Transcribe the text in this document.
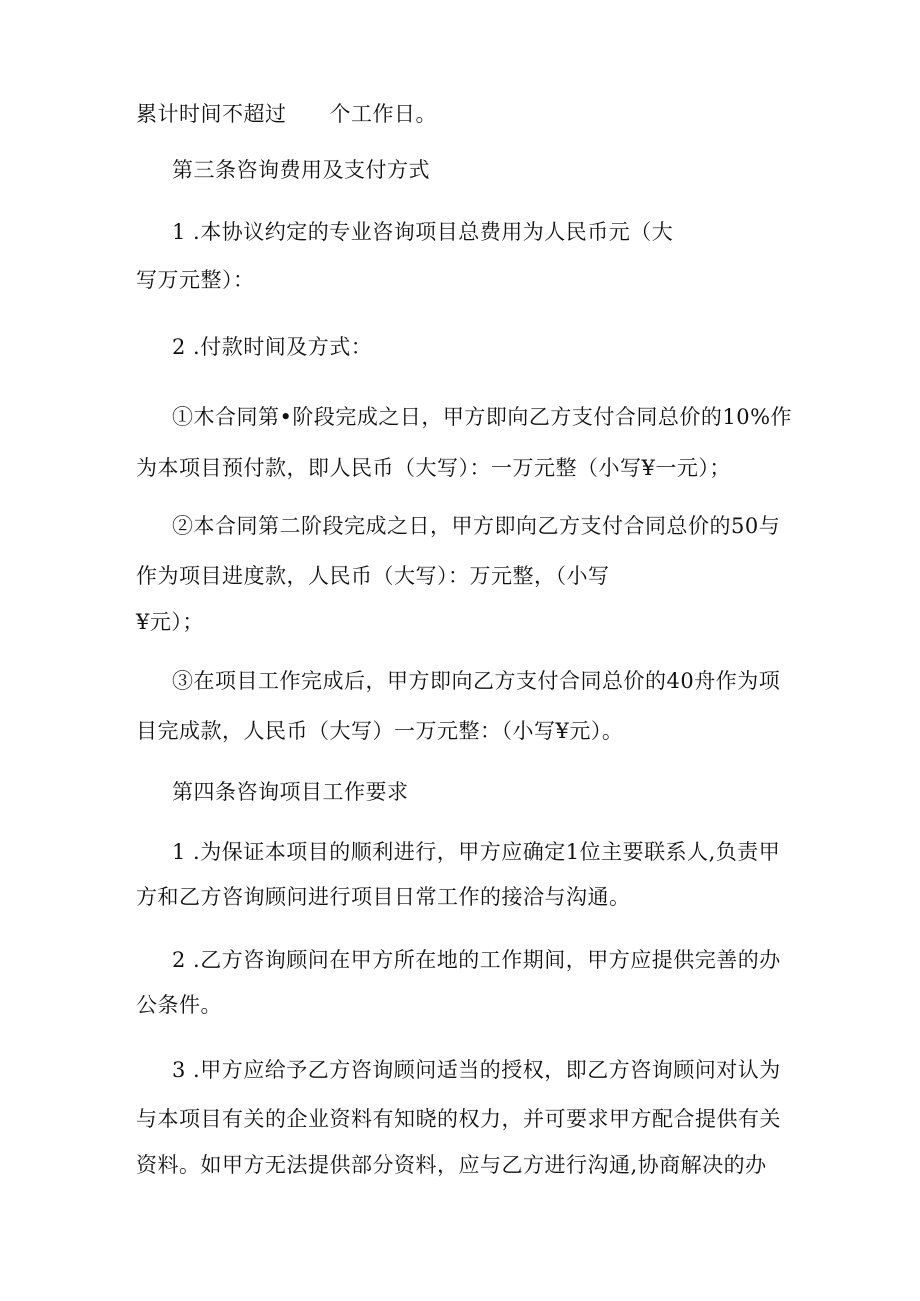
累计时间不超过　　个工作日。
第三条咨询费用及支付方式
1 .本协议约定的专业咨询项目总费用为人民币元（大
写万元整）：
2 .付款时间及方式：
①木合同第•阶段完成之日，甲方即向乙方支付合同总价的10%作
为本项目预付款，即人民币（大写）：一万元整（小写¥一元）；
②本合同第二阶段完成之日，甲方即向乙方支付合同总价的50与
作为项目进度款，人民币（大写）：万元整，（小写
¥元）；
③在项目工作完成后，甲方即向乙方支付合同总价的40舟作为项
目完成款，人民币（大写）一万元整：（小写¥元）。
第四条咨询项目工作要求
1 .为保证本项目的顺利进行，甲方应确定1位主要联系人,负责甲
方和乙方咨询顾问进行项目日常工作的接洽与沟通。
2 .乙方咨询顾问在甲方所在地的工作期间，甲方应提供完善的办
公条件。
3 .甲方应给予乙方咨询顾问适当的授权，即乙方咨询顾问对认为
与本项目有关的企业资料有知晓的权力，并可要求甲方配合提供有关
资料。如甲方无法提供部分资料，应与乙方进行沟通,协商解决的办
